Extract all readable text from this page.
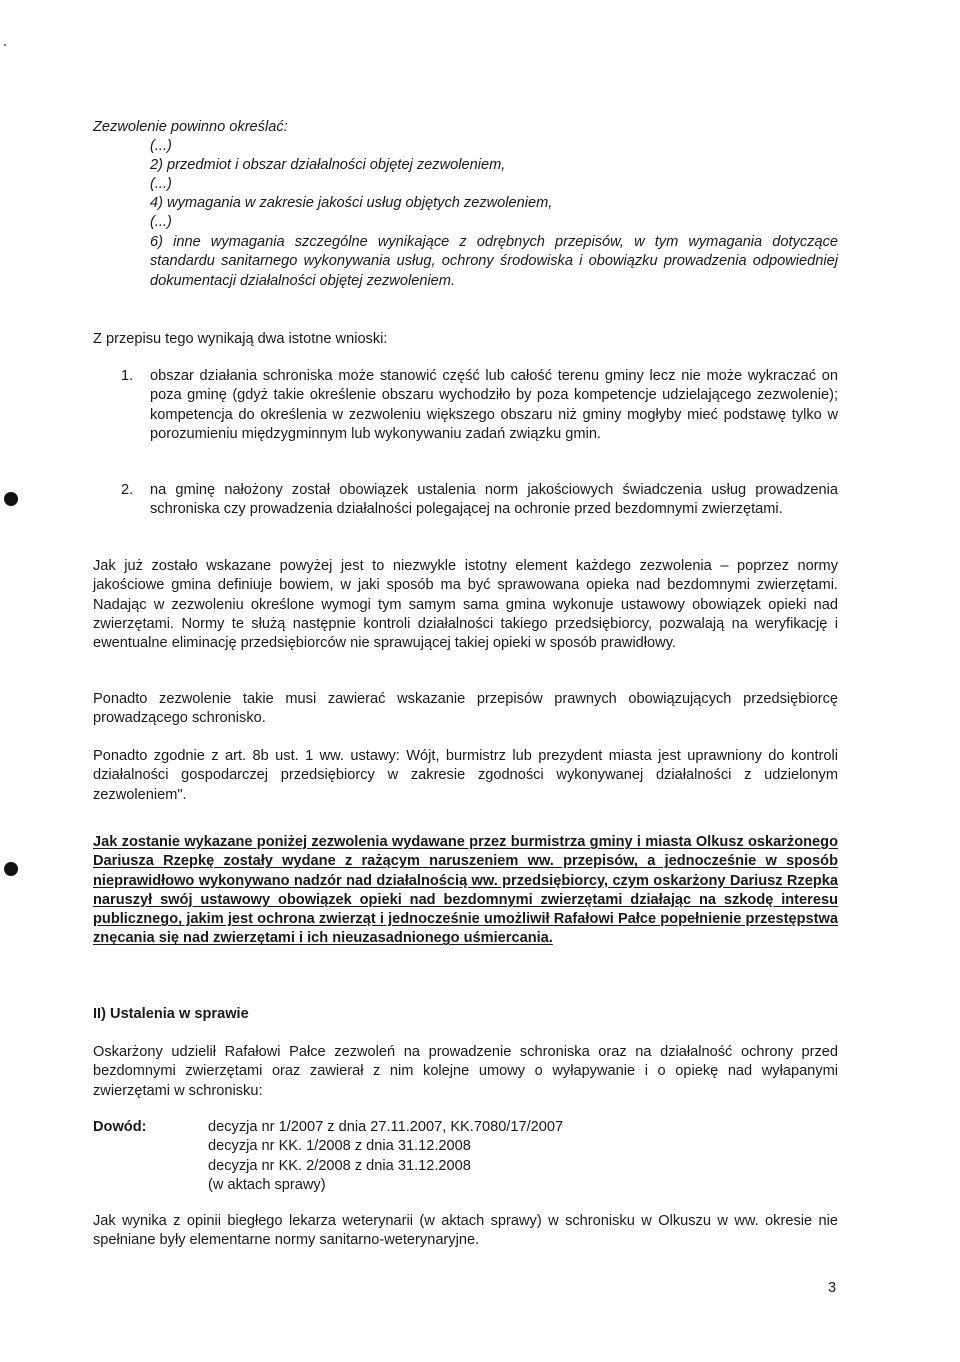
Zezwolenie powinno określać:

(...)

2) przedmiot i obszar działalności objętej zezwoleniem,

(...)

4) wymagania w zakresie jakości usług objętych zezwoleniem,

(...)

6) inne wymagania szczególne wynikające z odrębnych przepisów, w tym wymagania dotyczące standardu sanitarnego wykonywania usług, ochrony środowiska i obowiązku prowadzenia odpowiedniej dokumentacji działalności objętej zezwoleniem.

Z przepisu tego wynikają dwa istotne wnioski:

1. obszar działania schroniska może stanowić część lub całość terenu gminy lecz nie może wykraczać on poza gminę (gdyż takie określenie obszaru wychodziło by poza kompetencje udzielającego zezwolenie); kompetencja do określenia w zezwoleniu większego obszaru niż gminy mogłyby mieć podstawę tylko w porozumieniu międzygminnym lub wykonywaniu zadań związku gmin.

2. na gminę nałożony został obowiązek ustalenia norm jakościowych świadczenia usług prowadzenia schroniska czy prowadzenia działalności polegającej na ochronie przed bezdomnymi zwierzętami.

Jak już zostało wskazane powyżej jest to niezwykle istotny element każdego zezwolenia – poprzez normy jakościowe gmina definiuje bowiem, w jaki sposób ma być sprawowana opieka nad bezdomnymi zwierzętami. Nadając w zezwoleniu określone wymogi tym samym sama gmina wykonuje ustawowy obowiązek opieki nad zwierzętami. Normy te służą następnie kontroli działalności takiego przedsiębiorcy, pozwalają na weryfikację i ewentualne eliminację przedsiębiorców nie sprawującej takiej opieki w sposób prawidłowy.

Ponadto zezwolenie takie musi zawierać wskazanie przepisów prawnych obowiązujących przedsiębiorcę prowadzącego schronisko.

Ponadto zgodnie z art. 8b ust. 1 ww. ustawy: Wójt, burmistrz lub prezydent miasta jest uprawniony do kontroli działalności gospodarczej przedsiębiorcy w zakresie zgodności wykonywanej działalności z udzielonym zezwoleniem".

Jak zostanie wykazane poniżej zezwolenia wydawane przez burmistrza gminy i miasta Olkusz oskarżonego Dariusza Rzepkę zostały wydane z rażącym naruszeniem ww. przepisów, a jednocześnie w sposób nieprawidłowo wykonywano nadzór nad działalnością ww. przedsiębiorcy, czym oskarżony Dariusz Rzepka naruszył swój ustawowy obowiązek opieki nad bezdomnymi zwierzętami działając na szkodę interesu publicznego, jakim jest ochrona zwierząt i jednocześnie umożliwił Rafałowi Pałce popełnienie przestępstwa znęcania się nad zwierzętami i ich nieuzasadnionego uśmiercania.

II) Ustalenia w sprawie

Oskarżony udzielił Rafałowi Pałce zezwoleń na prowadzenie schroniska oraz na działalność ochrony przed bezdomnymi zwierzętami oraz zawierał z nim kolejne umowy o wyłapywanie i o opiekę nad wyłapanymi zwierzętami w schronisku:

Dowód:	decyzja nr 1/2007 z dnia 27.11.2007, KK.7080/17/2007
decyzja nr KK. 1/2008 z dnia 31.12.2008
decyzja nr KK. 2/2008 z dnia 31.12.2008
(w aktach sprawy)

Jak wynika z opinii biegłego lekarza weterynarii (w aktach sprawy) w schronisku w Olkuszu w ww. okresie nie spełniane były elementarne normy sanitarno-weterynaryjne.

3
